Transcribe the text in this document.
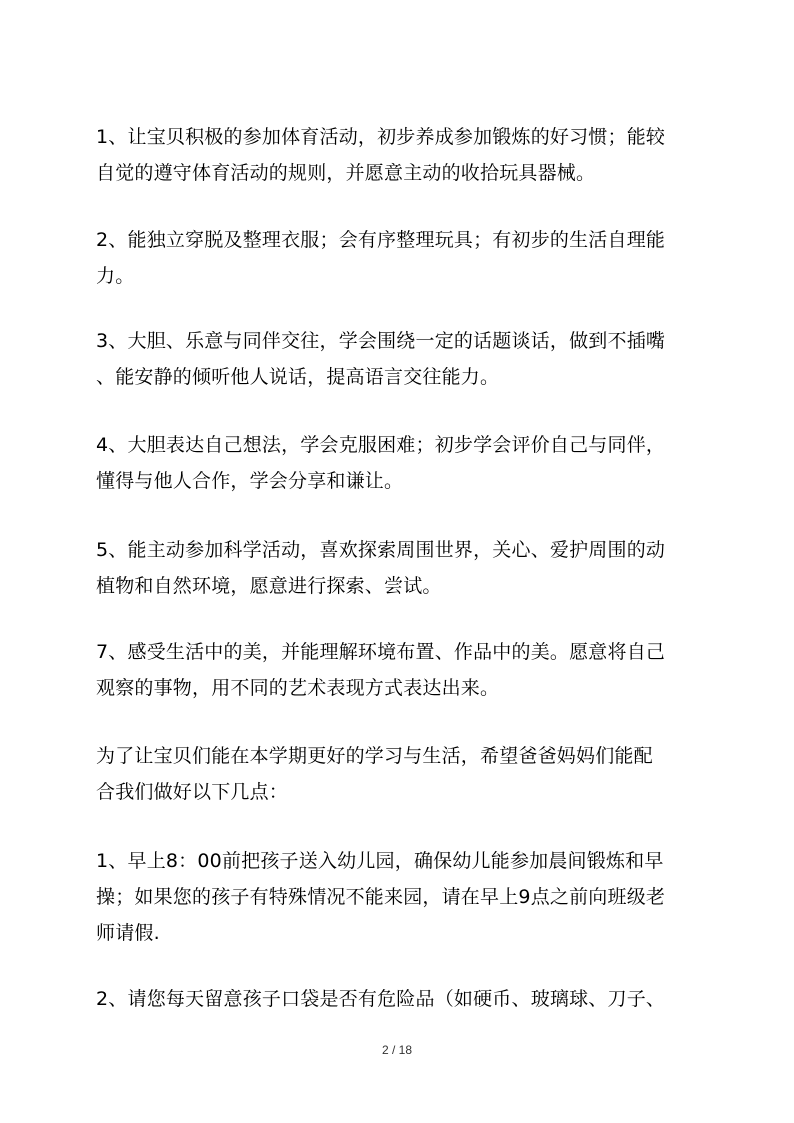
1、让宝贝积极的参加体育活动，初步养成参加锻炼的好习惯；能较
自觉的遵守体育活动的规则，并愿意主动的收拾玩具器械。

2、能独立穿脱及整理衣服；会有序整理玩具；有初步的生活自理能
力。

3、大胆、乐意与同伴交往，学会围绕一定的话题谈话，做到不插嘴
、能安静的倾听他人说话，提高语言交往能力。

4、大胆表达自己想法，学会克服困难；初步学会评价自己与同伴，
懂得与他人合作，学会分享和谦让。

5、能主动参加科学活动，喜欢探索周围世界，关心、爱护周围的动
植物和自然环境，愿意进行探索、尝试。

7、感受生活中的美，并能理解环境布置、作品中的美。愿意将自己
观察的事物，用不同的艺术表现方式表达出来。

为了让宝贝们能在本学期更好的学习与生活，希望爸爸妈妈们能配
合我们做好以下几点：

1、早上8：00前把孩子送入幼儿园，确保幼儿能参加晨间锻炼和早
操；如果您的孩子有特殊情况不能来园，请在早上9点之前向班级老
师请假.

2、请您每天留意孩子口袋是否有危险品（如硬币、玻璃球、刀子、

2 / 18
